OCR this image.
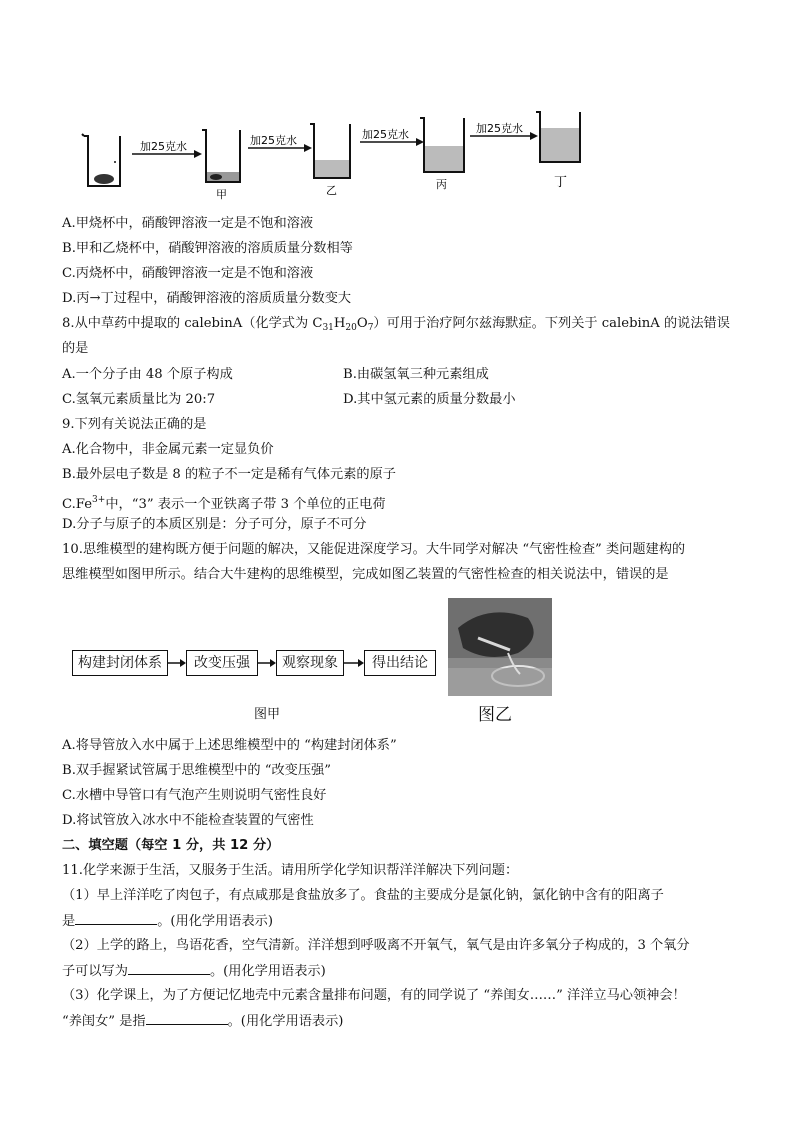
加25克水
甲
加25克水
乙
加25克水
丙
加25克水
丁
A.甲烧杯中，硝酸钾溶液一定是不饱和溶液
B.甲和乙烧杯中，硝酸钾溶液的溶质质量分数相等
C.丙烧杯中，硝酸钾溶液一定是不饱和溶液
D.丙→丁过程中，硝酸钾溶液的溶质质量分数变大
8.从中草药中提取的 calebinA（化学式为 $C_{31}H_{20}O_7$）可用于治疗阿尔兹海默症。下列关于 calebinA 的说法错误
的是
A.一个分子由 48 个原子构成	B.由碳氢氧三种元素组成
C.氢氧元素质量比为 20:7	D.其中氢元素的质量分数最小
9.下列有关说法正确的是
A.化合物中，非金属元素一定显负价
B.最外层电子数是 8 的粒子不一定是稀有气体元素的原子
$C.Fe^{3+}$中，“3” 表示一个亚铁离子带 3 个单位的正电荷
D.分子与原子的本质区别是：分子可分，原子不可分
10.思维模型的建构既方便于问题的解决，又能促进深度学习。大牛同学对解决 “气密性检查” 类问题建构的
思维模型如图甲所示。结合大牛建构的思维模型，完成如图乙装置的气密性检查的相关说法中，错误的是
构建封闭体系	改变压强	观察现象	得出结论
图甲	图乙
A.将导管放入水中属于上述思维模型中的 “构建封闭体系”
B.双手握紧试管属于思维模型中的 “改变压强”
C.水槽中导管口有气泡产生则说明气密性良好
D.将试管放入冰水中不能检查装置的气密性
二、填空题（每空 1 分，共 12 分）
11.化学来源于生活，又服务于生活。请用所学化学知识帮洋洋解决下列问题：
（1）早上洋洋吃了肉包子，有点咸那是食盐放多了。食盐的主要成分是氯化钠，氯化钠中含有的阳离子
是	。(用化学用语表示)
（2）上学的路上，鸟语花香，空气清新。洋洋想到呼吸离不开氧气，氧气是由许多氧分子构成的，3 个氧分
子可以写为	。(用化学用语表示)
（3）化学课上，为了方便记忆地壳中元素含量排布问题，有的同学说了 “养闺女……” 洋洋立马心领神会！
“养闺女” 是指	。(用化学用语表示)
